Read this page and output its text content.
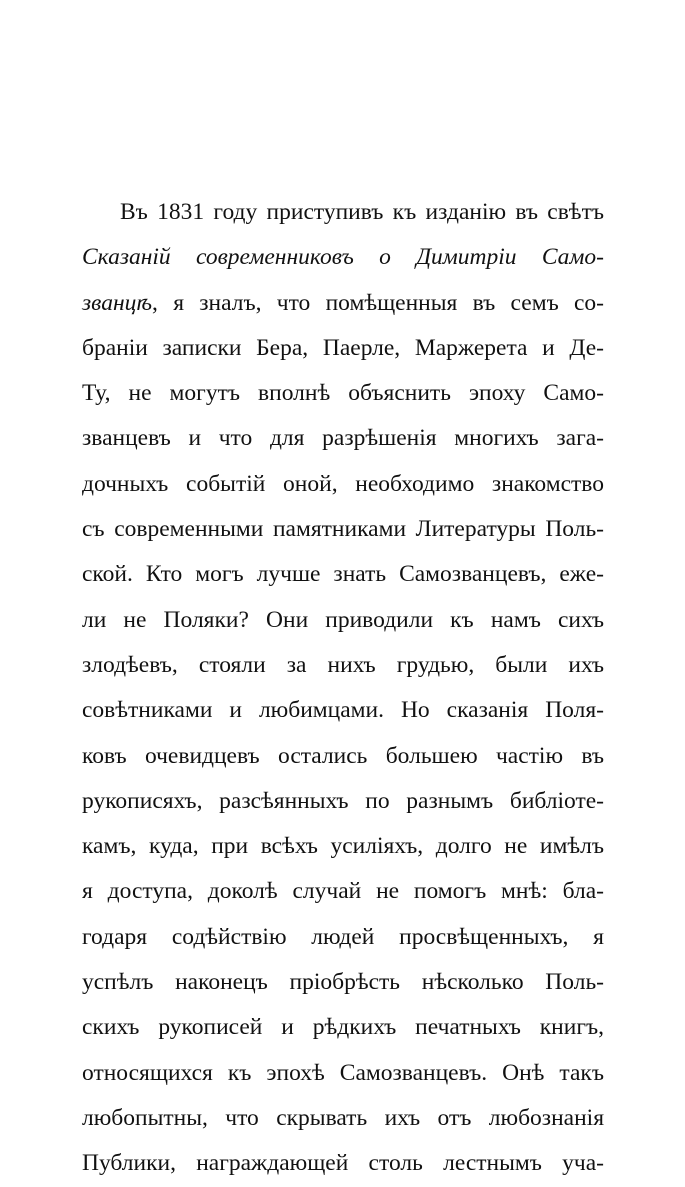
Въ 1831 году приступивъ къ изданію въ свѣтъ
Сказаній современниковъ о Димитріи Само-
званцѣ, я зналъ, что помѣщенныя въ семъ со-
браніи записки Бера, Паерле, Маржерета и Де-
Ту, не могутъ вполнѣ объяснить эпоху Само-
званцевъ и что для разрѣшенія многихъ зага-
дочныхъ событій оной, необходимо знакомство
съ современными памятниками Литературы Поль-
ской. Кто могъ лучше знать Самозванцевъ, еже-
ли не Поляки? Они приводили къ намъ сихъ
злодѣевъ, стояли за нихъ грудью, были ихъ
совѣтниками и любимцами. Но сказанія Поля-
ковъ очевидцевъ остались большею частію въ
рукописяхъ, разсѣянныхъ по разнымъ библіоте-
камъ, куда, при всѣхъ усиліяхъ, долго не имѣлъ
я доступа, доколѣ случай не помогъ мнѣ: бла-
годаря содѣйствію людей просвѣщенныхъ, я
успѣлъ наконецъ пріобрѣсть нѣсколько Поль-
скихъ рукописей и рѣдкихъ печатныхъ книгъ,
относящихся къ эпохѣ Самозванцевъ. Онѣ такъ
любопытны, что скрывать ихъ отъ любознанія
Публики, награждающей столь лестнымъ уча-
